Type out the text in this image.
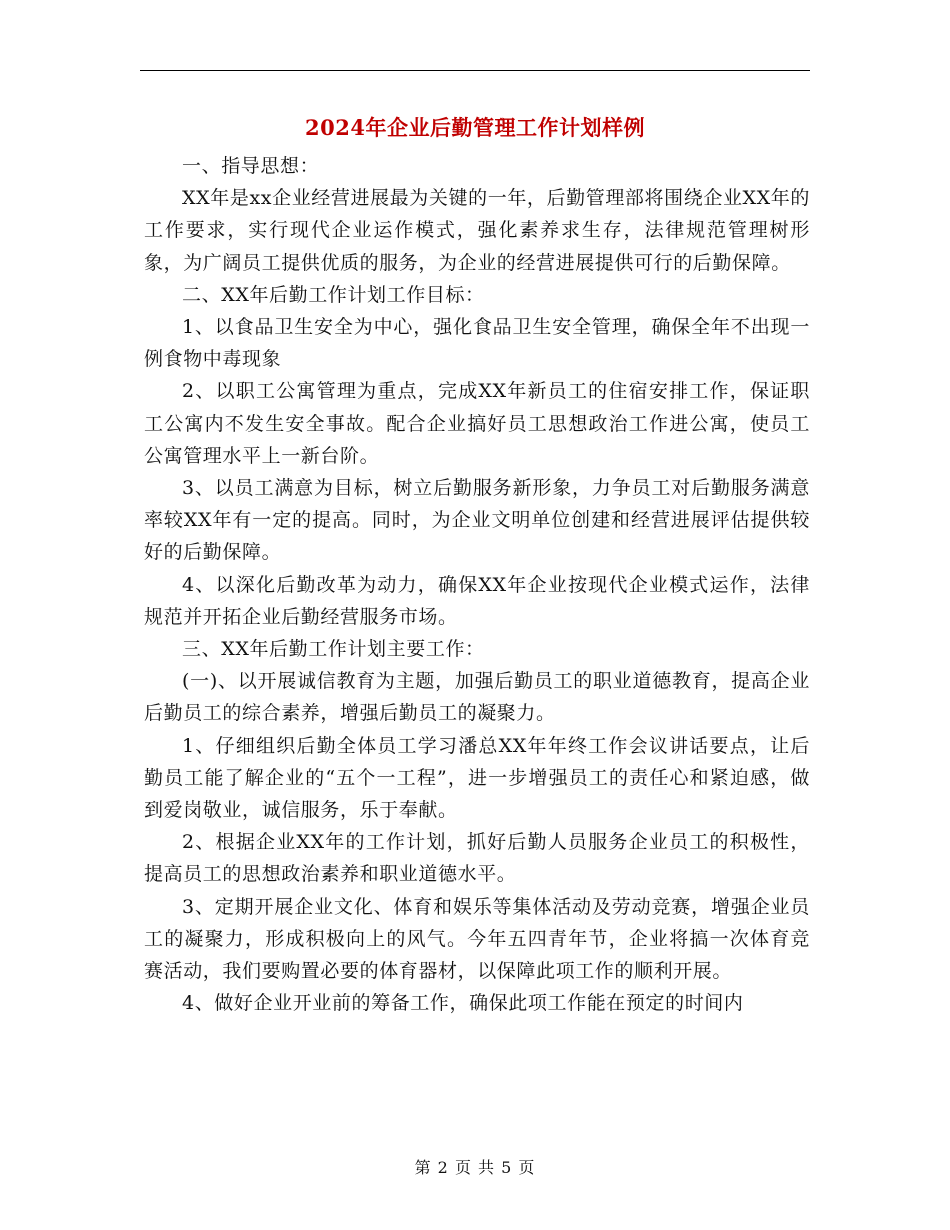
2024年企业后勤管理工作计划样例

一、指导思想：

XX年是xx企业经营进展最为关键的一年，后勤管理部将围绕企业XX年的工作要求，实行现代企业运作模式，强化素养求生存，法律规范管理树形象，为广阔员工提供优质的服务，为企业的经营进展提供可行的后勤保障。

二、XX年后勤工作计划工作目标：

1、以食品卫生安全为中心，强化食品卫生安全管理，确保全年不出现一例食物中毒现象

2、以职工公寓管理为重点，完成XX年新员工的住宿安排工作，保证职工公寓内不发生安全事故。配合企业搞好员工思想政治工作进公寓，使员工公寓管理水平上一新台阶。

3、以员工满意为目标，树立后勤服务新形象，力争员工对后勤服务满意率较XX年有一定的提高。同时，为企业文明单位创建和经营进展评估提供较好的后勤保障。

4、以深化后勤改革为动力，确保XX年企业按现代企业模式运作，法律规范并开拓企业后勤经营服务市场。

三、XX年后勤工作计划主要工作：

(一)、以开展诚信教育为主题，加强后勤员工的职业道德教育，提高企业后勤员工的综合素养，增强后勤员工的凝聚力。

1、仔细组织后勤全体员工学习潘总XX年年终工作会议讲话要点，让后勤员工能了解企业的“五个一工程”，进一步增强员工的责任心和紧迫感，做到爱岗敬业，诚信服务，乐于奉献。

2、根据企业XX年的工作计划，抓好后勤人员服务企业员工的积极性，提高员工的思想政治素养和职业道德水平。

3、定期开展企业文化、体育和娱乐等集体活动及劳动竞赛，增强企业员工的凝聚力，形成积极向上的风气。今年五四青年节，企业将搞一次体育竞赛活动，我们要购置必要的体育器材，以保障此项工作的顺利开展。

4、做好企业开业前的筹备工作，确保此项工作能在预定的时间内

第 2 页 共 5 页
